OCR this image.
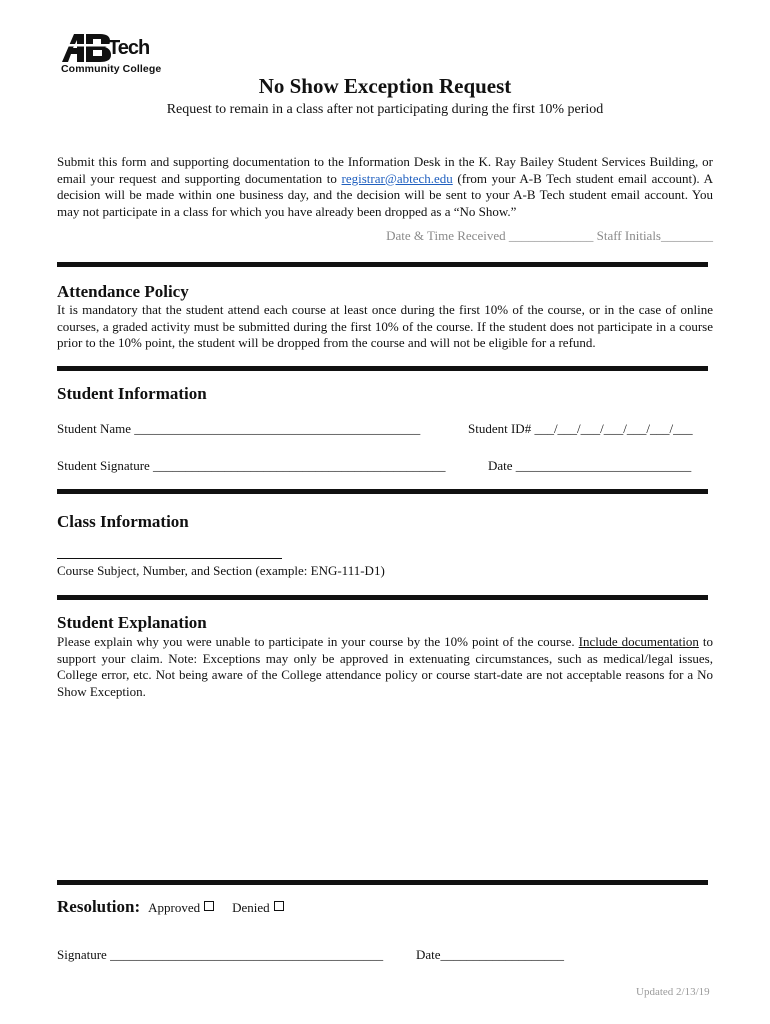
Tech
Community College
No Show Exception Request
Request to remain in a class after not participating during the first 10% period
Submit this form and supporting documentation to the Information Desk in the K. Ray Bailey Student Services Building, or email your request and supporting documentation to registrar@abtech.edu (from your A-B Tech student email account). A decision will be made within one business day, and the decision will be sent to your A-B Tech student email account. You may not participate in a class for which you have already been dropped as a “No Show.”
Date & Time Received _____________ Staff Initials________
Attendance Policy
It is mandatory that the student attend each course at least once during the first 10% of the course, or in the case of online courses, a graded activity must be submitted during the first 10% of the course. If the student does not participate in a course prior to the 10% point, the student will be dropped from the course and will not be eligible for a refund.
Student Information
Student Name ____________________________________________	Student ID# ___/___/___/___/___/___/___
Student Signature _____________________________________________	Date ___________________________
Class Information
Course Subject, Number, and Section (example: ENG-111-D1)
Student Explanation
Please explain why you were unable to participate in your course by the 10% point of the course. Include documentation to support your claim. Note: Exceptions may only be approved in extenuating circumstances, such as medical/legal issues, College error, etc. Not being aware of the College attendance policy or course start-date are not acceptable reasons for a No Show Exception.
Resolution: Approved Denied
Signature __________________________________________	Date___________________
Updated 2/13/19
